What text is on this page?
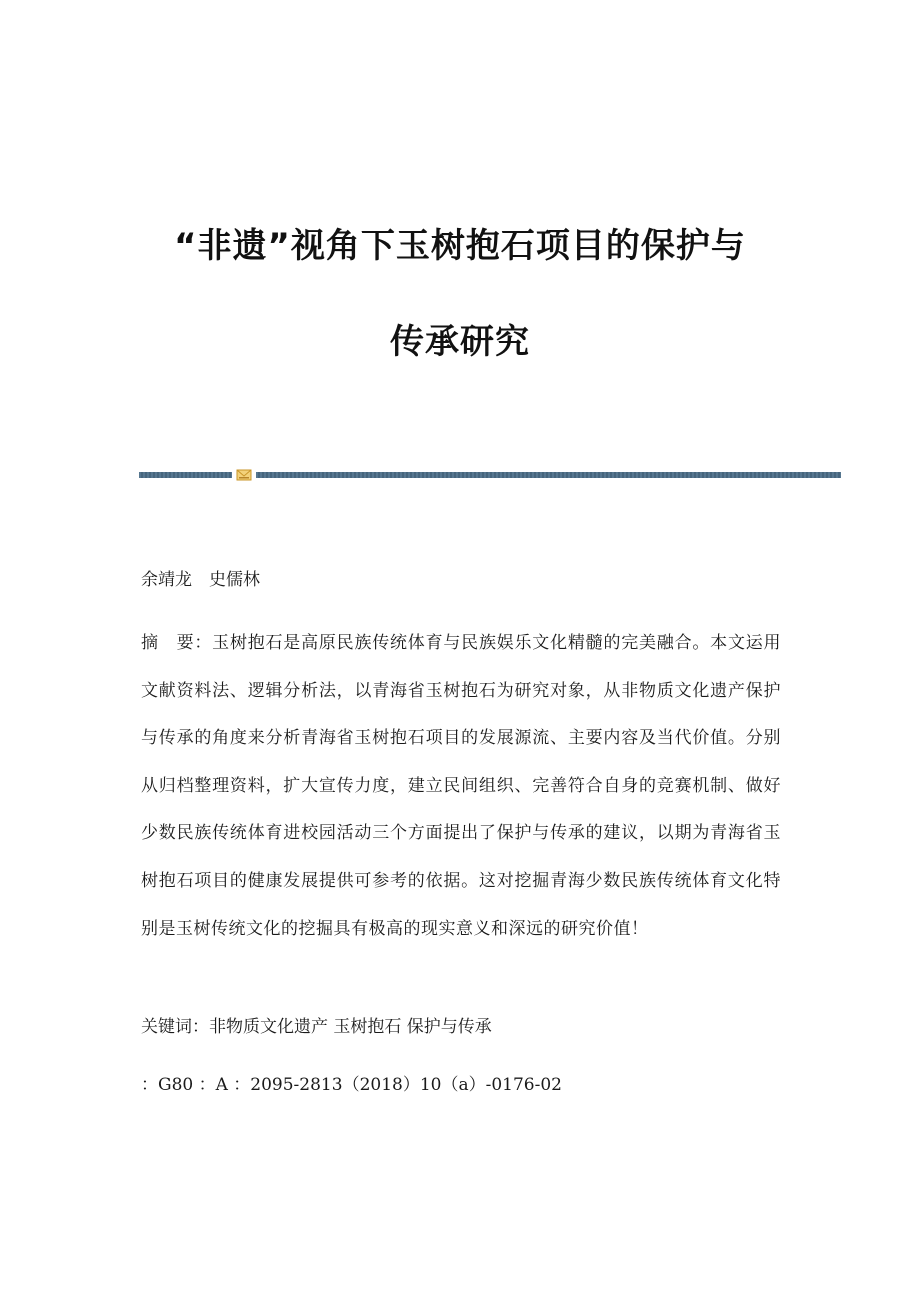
“非遗”视角下玉树抱石项目的保护与
传承研究
余靖龙　史儒林
摘　要：玉树抱石是高原民族传统体育与民族娱乐文化精髓的完美融合。本文运用文献资料法、逻辑分析法，以青海省玉树抱石为研究对象，从非物质文化遗产保护与传承的角度来分析青海省玉树抱石项目的发展源流、主要内容及当代价值。分别从归档整理资料，扩大宣传力度，建立民间组织、完善符合自身的竞赛机制、做好少数民族传统体育进校园活动三个方面提出了保护与传承的建议，以期为青海省玉树抱石项目的健康发展提供可参考的依据。这对挖掘青海少数民族传统体育文化特别是玉树传统文化的挖掘具有极高的现实意义和深远的研究价值！
关键词：非物质文化遗产 玉树抱石 保护与传承
：G80 ：A ：2095-2813（2018）10（a）-0176-02
